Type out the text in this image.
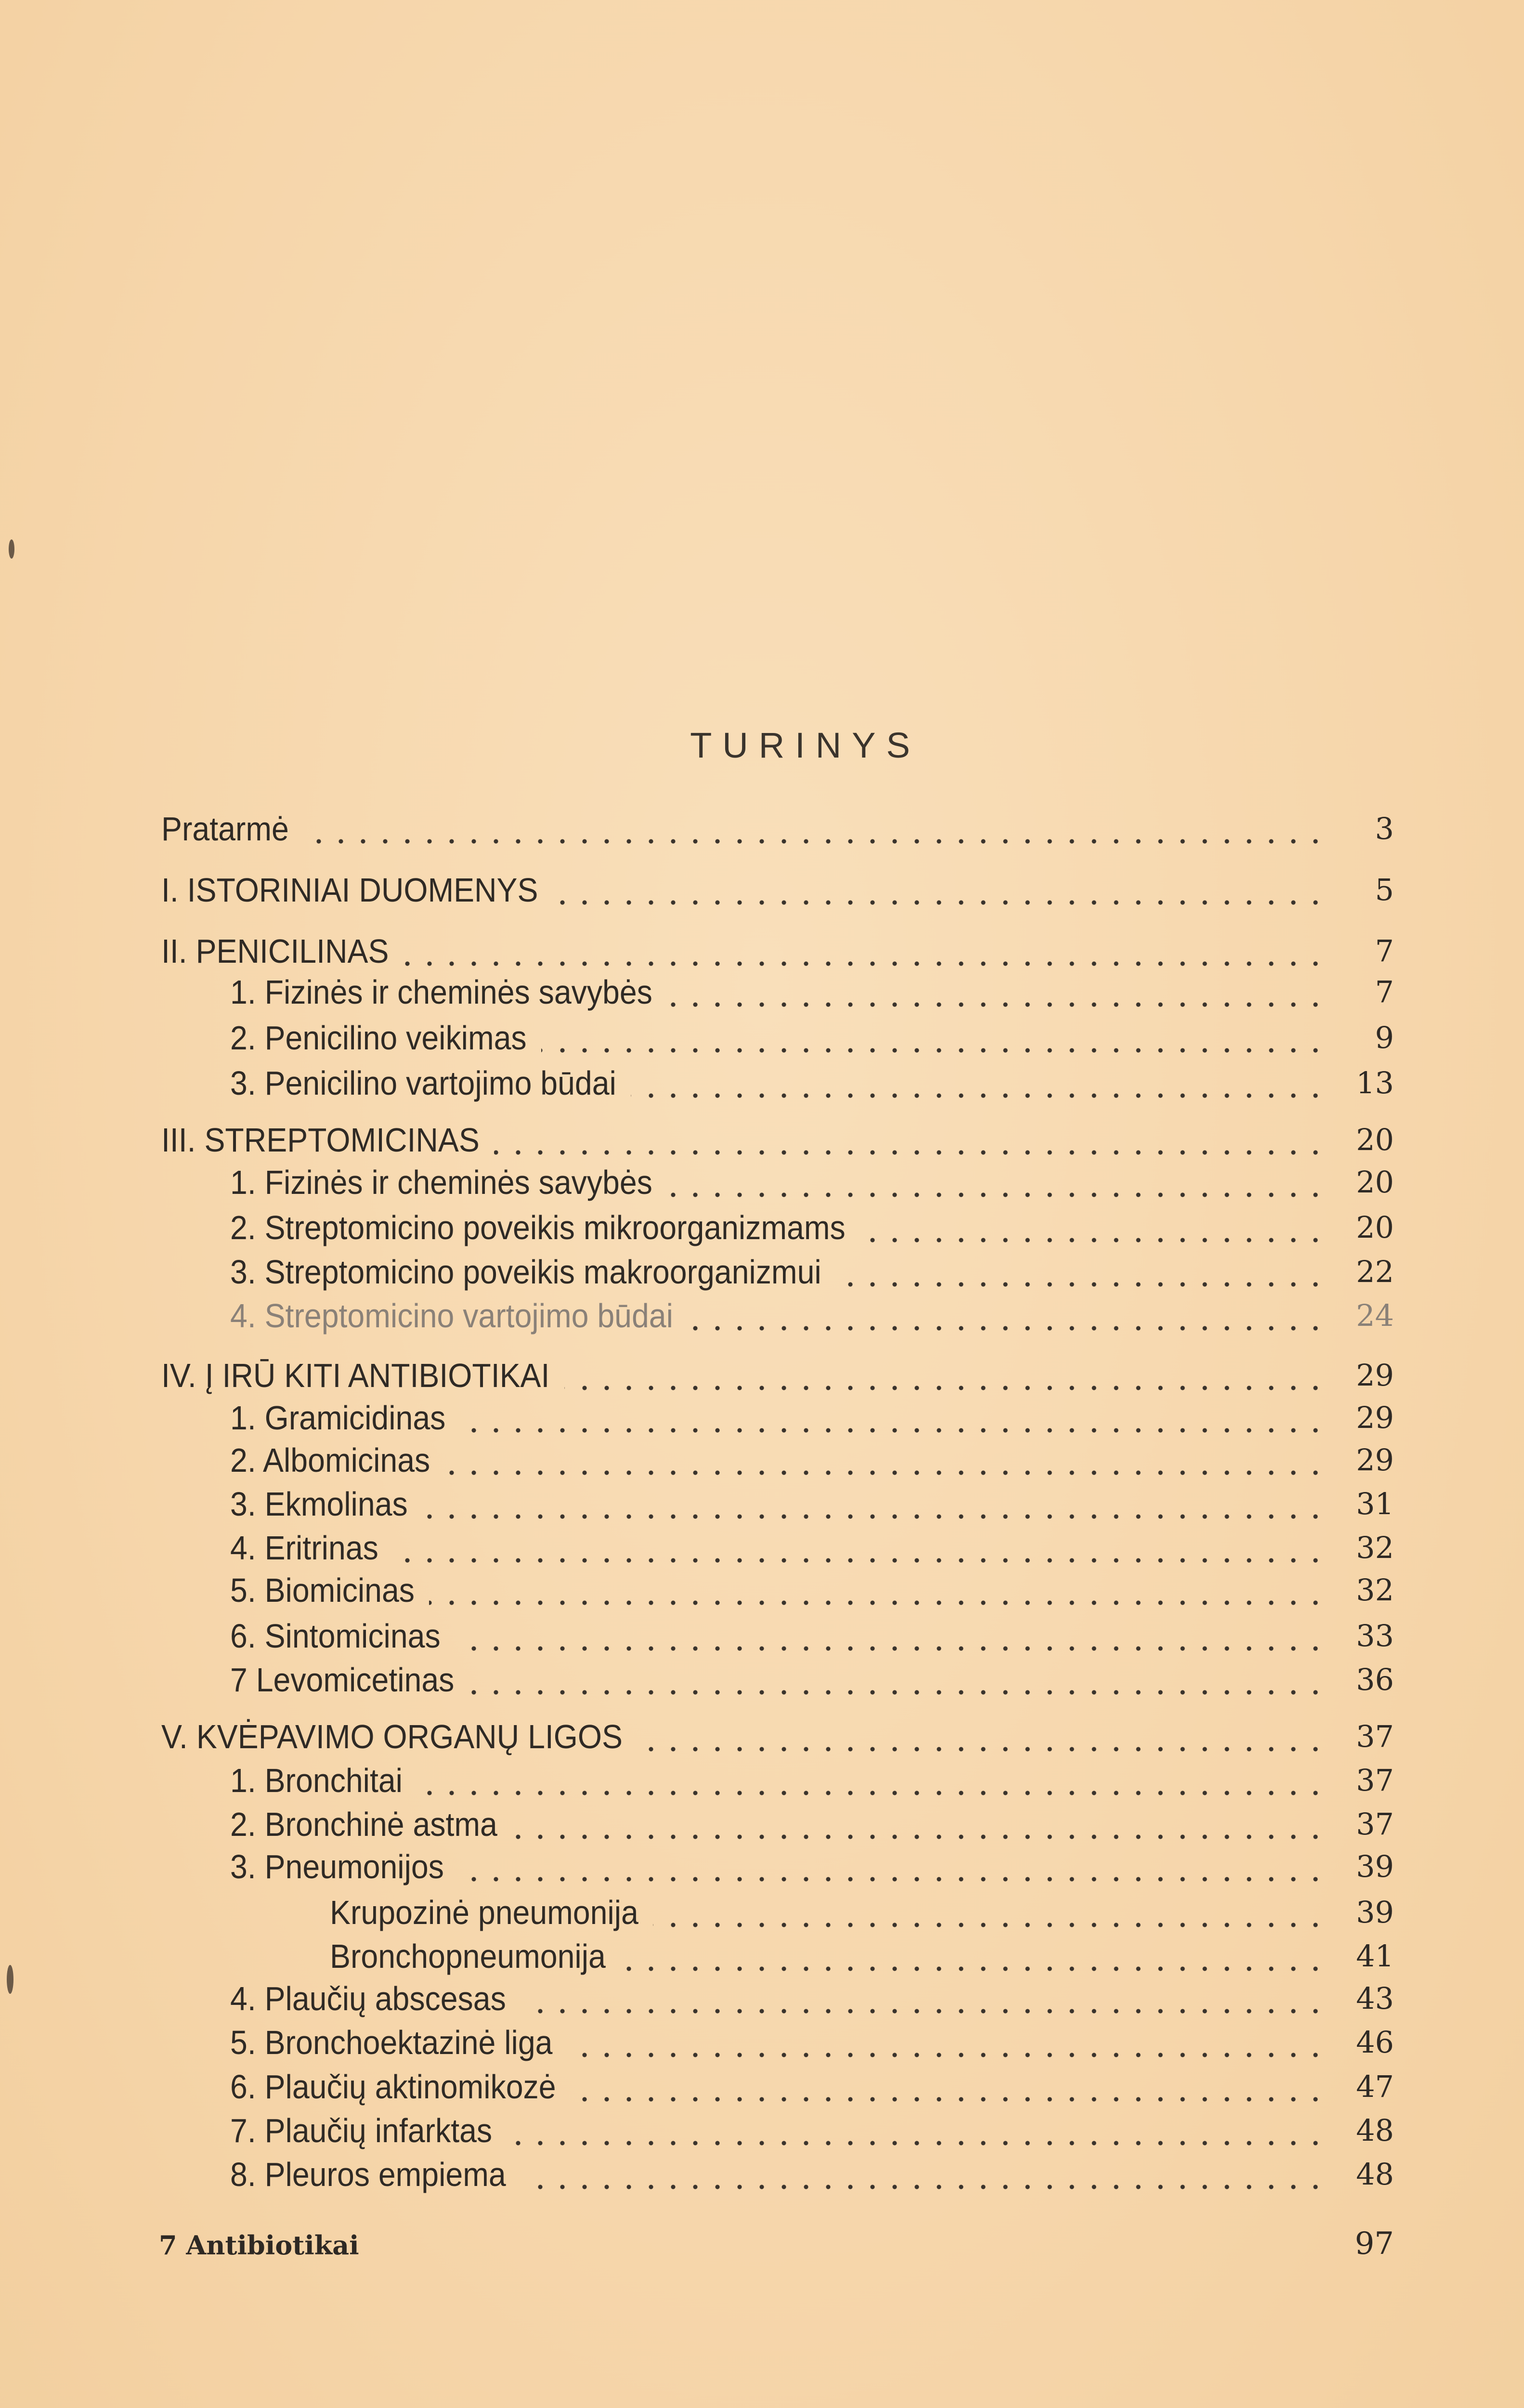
TURINYS
Pratarmė	3
I. ISTORINIAI DUOMENYS	5
II. PENICILINAS	7
1. Fizinės ir cheminės savybės	7
2. Penicilino veikimas	9
3. Penicilino vartojimo būdai	13
III. STREPTOMICINAS	20
1. Fizinės ir cheminės savybės	20
2. Streptomicino poveikis mikroorganizmams	20
3. Streptomicino poveikis makroorganizmui	22
4. Streptomicino vartojimo būdai	24
IV. Į IRŪ KITI ANTIBIOTIKAI	29
1. Gramicidinas	29
2. Albomicinas	29
3. Ekmolinas	31
4. Eritrinas	32
5. Biomicinas	32
6. Sintomicinas	33
7 Levomicetinas	36
V. KVĖPAVIMO ORGANŲ LIGOS	37
1. Bronchitai	37
2. Bronchinė astma	37
3. Pneumonijos	39
Krupozinė pneumonija	39
Bronchopneumonija	41
4. Plaučių abscesas	43
5. Bronchoektazinė liga	46
6. Plaučių aktinomikozė	47
7. Plaučių infarktas	48
8. Pleuros empiema	48
7 Antibiotikai	97
